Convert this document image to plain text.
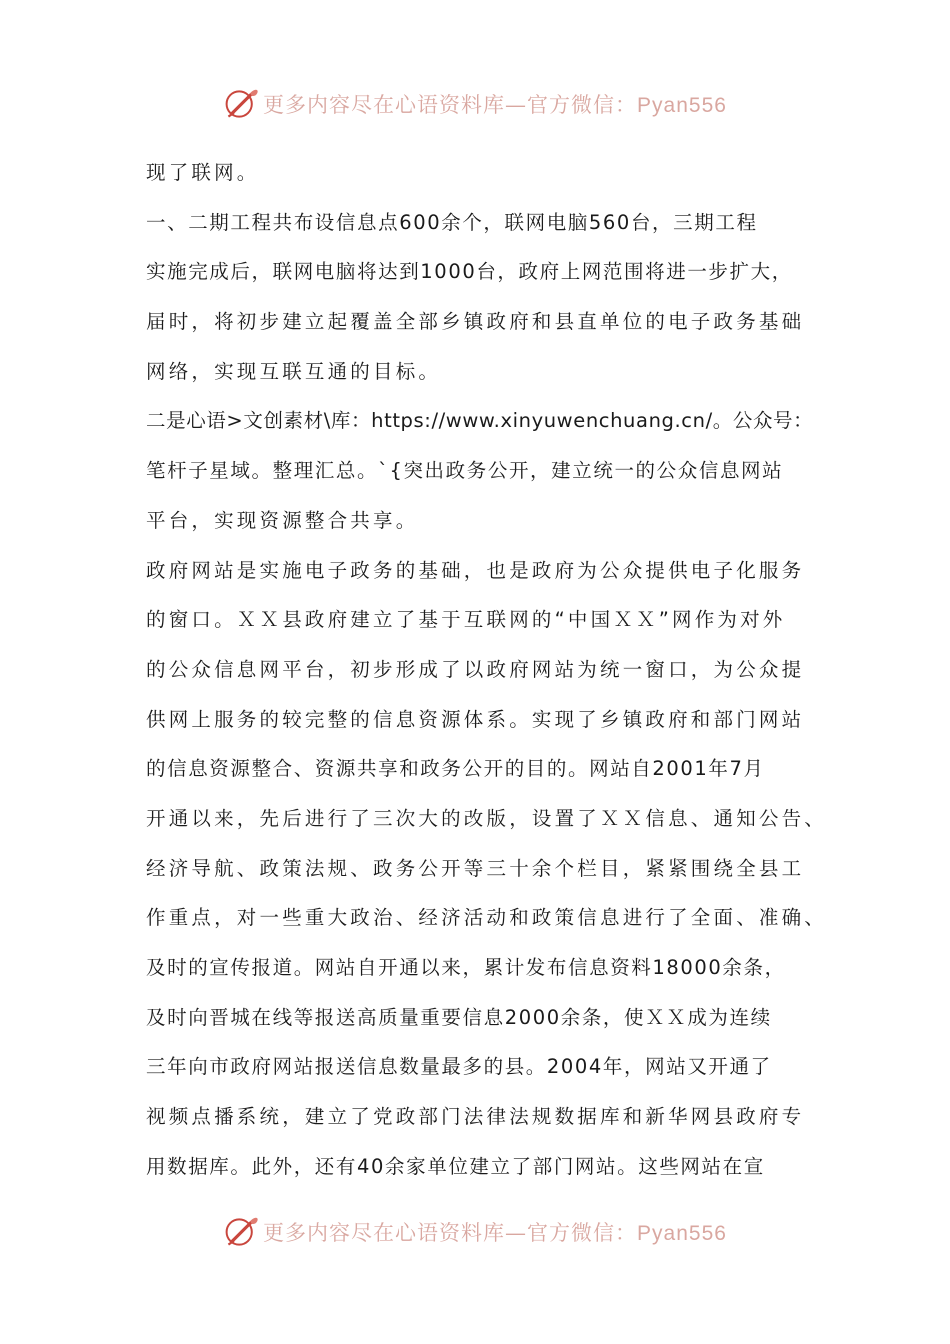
更多内容尽在心语资料库—官方微信：Pyan556
现了联网。
一、二期工程共布设信息点600余个，联网电脑560台，三期工程
实施完成后，联网电脑将达到1000台，政府上网范围将进一步扩大，
届时，将初步建立起覆盖全部乡镇政府和县直单位的电子政务基础
网络，实现互联互通的目标。
二是心语>文创素材\库：https://www.xinyuwenchuang.cn/。公众号：
笔杆子星域。整理汇总。`{突出政务公开，建立统一的公众信息网站
平台，实现资源整合共享。
政府网站是实施电子政务的基础，也是政府为公众提供电子化服务
的窗口。ＸＸ县政府建立了基于互联网的“中国ＸＸ”网作为对外
的公众信息网平台，初步形成了以政府网站为统一窗口，为公众提
供网上服务的较完整的信息资源体系。实现了乡镇政府和部门网站
的信息资源整合、资源共享和政务公开的目的。网站自2001年7月
开通以来，先后进行了三次大的改版，设置了ＸＸ信息、通知公告、
经济导航、政策法规、政务公开等三十余个栏目，紧紧围绕全县工
作重点，对一些重大政治、经济活动和政策信息进行了全面、准确、
及时的宣传报道。网站自开通以来，累计发布信息资料18000余条，
及时向晋城在线等报送高质量重要信息2000余条，使ＸＸ成为连续
三年向市政府网站报送信息数量最多的县。2004年，网站又开通了
视频点播系统，建立了党政部门法律法规数据库和新华网县政府专
用数据库。此外，还有40余家单位建立了部门网站。这些网站在宣
更多内容尽在心语资料库—官方微信：Pyan556
